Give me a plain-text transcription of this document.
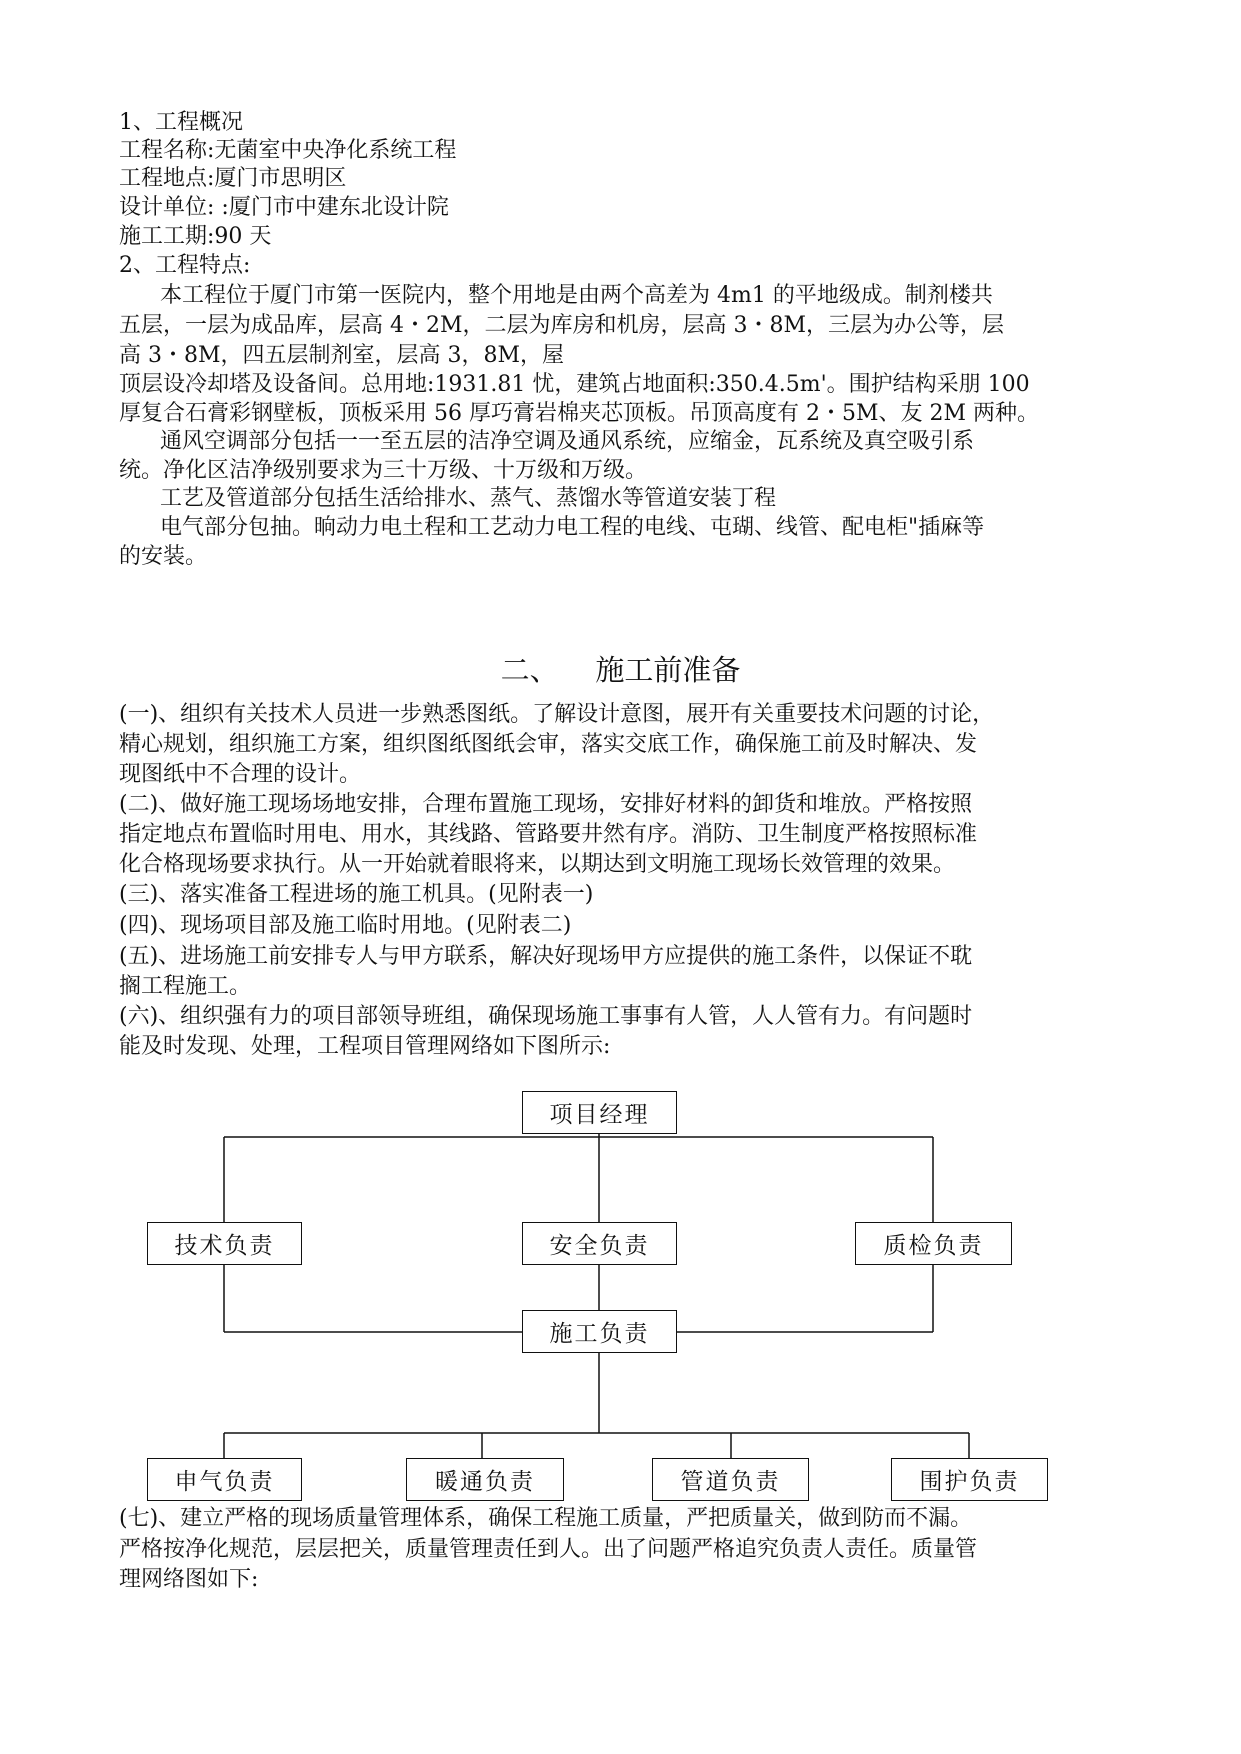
1、工程概况
工程名称:无菌室中央净化系统工程
工程地点:厦门市思明区
设计单位: :厦门市中建东北设计院
施工工期:90 天
2、工程特点:
本工程位于厦门市第一医院内，整个用地是由两个高差为 4m1 的平地级成。制剂楼共
五层，一层为成品库，层高 4・2M，二层为库房和机房，层高 3・8M，三层为办公等，层
高 3・8M，四五层制剂室，层高 3，8M，屋
顶层设冷却塔及设备间。总用地:1931.81 忧，建筑占地面积:350.4.5m'。围护结构采朋 100
厚复合石膏彩钢壁板，顶板采用 56 厚巧膏岩棉夹芯顶板。吊顶高度有 2・5M、友 2M 两种。
通风空调部分包括一一至五层的洁净空调及通风系统，应缩金，瓦系统及真空吸引系
统。净化区洁净级别要求为三十万级、十万级和万级。
工艺及管道部分包括生活给排水、蒸气、蒸馏水等管道安装丁程
电气部分包抽。晌动力电土程和工艺动力电工程的电线、屯瑚、线管、配电柜"插麻等
的安装。
二、    施工前准备
(一)、组织有关技术人员进一步熟悉图纸。了解设计意图，展开有关重要技术问题的讨论，
精心规划，组织施工方案，组织图纸图纸会审，落实交底工作，确保施工前及时解决、发
现图纸中不合理的设计。
(二)、做好施工现场场地安排，合理布置施工现场，安排好材料的卸货和堆放。严格按照
指定地点布置临时用电、用水，其线路、管路要井然有序。消防、卫生制度严格按照标准
化合格现场要求执行。从一开始就着眼将来，以期达到文明施工现场长效管理的效果。
(三)、落实准备工程进场的施工机具。(见附表一)
(四)、现场项目部及施工临时用地。(见附表二)
(五)、进场施工前安排专人与甲方联系，解决好现场甲方应提供的施工条件，以保证不耽
搁工程施工。
(六)、组织强有力的项目部领导班组，确保现场施工事事有人管，人人管有力。有问题时
能及时发现、处理，工程项目管理网络如下图所示:
项目经理
技术负责	安全负责	质检负责
施工负责
申气负责	暖通负责	管道负责	围护负责
(七)、建立严格的现场质量管理体系，确保工程施工质量，严把质量关，做到防而不漏。
严格按净化规范，层层把关，质量管理责任到人。出了问题严格追究负责人责任。质量管
理网络图如下:
